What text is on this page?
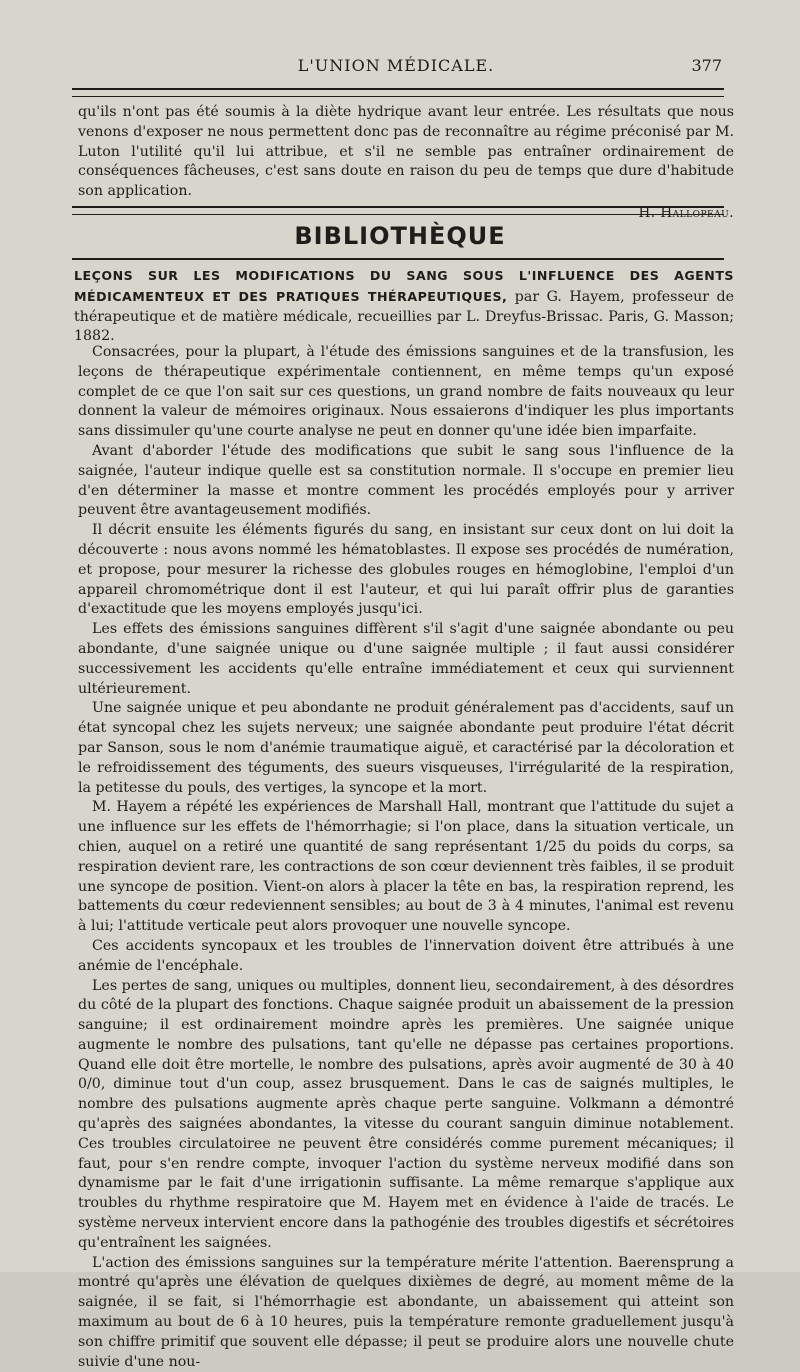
L'UNION MÉDICALE.	377

qu'ils n'ont pas été soumis à la diète hydrique avant leur entrée. Les résultats que nous venons d'exposer ne nous permettent donc pas de reconnaître au régime préconisé par M. Luton l'utilité qu'il lui attribue, et s'il ne semble pas entraîner ordinairement de conséquences fâcheuses, c'est sans doute en raison du peu de temps que dure d'habitude son application.

H. Hallopeau.
BIBLIOTHÈQUE
LEÇONS SUR LES MODIFICATIONS DU SANG SOUS L'INFLUENCE DES AGENTS MÉDICAMENTEUX ET DES PRATIQUES THÉRAPEUTIQUES, par G. Hayem, professeur de thérapeutique et de matière médicale, recueillies par L. Dreyfus-Brissac. Paris, G. Masson; 1882.

Consacrées, pour la plupart, à l'étude des émissions sanguines et de la transfusion, les leçons de thérapeutique expérimentale contiennent, en même temps qu'un exposé complet de ce que l'on sait sur ces questions, un grand nombre de faits nouveaux qu leur donnent la valeur de mémoires originaux. Nous essaierons d'indiquer les plus importants sans dissimuler qu'une courte analyse ne peut en donner qu'une idée bien imparfaite.

Avant d'aborder l'étude des modifications que subit le sang sous l'influence de la saignée, l'auteur indique quelle est sa constitution normale. Il s'occupe en premier lieu d'en déterminer la masse et montre comment les procédés employés pour y arriver peuvent être avantageusement modifiés.

Il décrit ensuite les éléments figurés du sang, en insistant sur ceux dont on lui doit la découverte : nous avons nommé les hématoblastes. Il expose ses procédés de numération, et propose, pour mesurer la richesse des globules rouges en hémoglobine, l'emploi d'un appareil chromométrique dont il est l'auteur, et qui lui paraît offrir plus de garanties d'exactitude que les moyens employés jusqu'ici.

Les effets des émissions sanguines diffèrent s'il s'agit d'une saignée abondante ou peu abondante, d'une saignée unique ou d'une saignée multiple ; il faut aussi considérer successivement les accidents qu'elle entraîne immédiatement et ceux qui surviennent ultérieurement.

Une saignée unique et peu abondante ne produit généralement pas d'accidents, sauf un état syncopal chez les sujets nerveux; une saignée abondante peut produire l'état décrit par Sanson, sous le nom d'anémie traumatique aiguë, et caractérisé par la décoloration et le refroidissement des téguments, des sueurs visqueuses, l'irrégularité de la respiration, la petitesse du pouls, des vertiges, la syncope et la mort.

M. Hayem a répété les expériences de Marshall Hall, montrant que l'attitude du sujet a une influence sur les effets de l'hémorrhagie; si l'on place, dans la situation verticale, un chien, auquel on a retiré une quantité de sang représentant 1/25 du poids du corps, sa respiration devient rare, les contractions de son cœur deviennent très faibles, il se produit une syncope de position. Vient-on alors à placer la tête en bas, la respiration reprend, les battements du cœur redeviennent sensibles; au bout de 3 à 4 minutes, l'animal est revenu à lui; l'attitude verticale peut alors provoquer une nouvelle syncope.

Ces accidents syncopaux et les troubles de l'innervation doivent être attribués à une anémie de l'encéphale.

Les pertes de sang, uniques ou multiples, donnent lieu, secondairement, à des désordres du côté de la plupart des fonctions. Chaque saignée produit un abaissement de la pression sanguine; il est ordinairement moindre après les premières. Une saignée unique augmente le nombre des pulsations, tant qu'elle ne dépasse pas certaines proportions. Quand elle doit être mortelle, le nombre des pulsations, après avoir augmenté de 30 à 40 0/0, diminue tout d'un coup, assez brusquement. Dans le cas de saignés multiples, le nombre des pulsations augmente après chaque perte sanguine. Volkmann a démontré qu'après des saignées abondantes, la vitesse du courant sanguin diminue notablement. Ces troubles circulatoiree ne peuvent être considérés comme purement mécaniques; il faut, pour s'en rendre compte, invoquer l'action du système nerveux modifié dans son dynamisme par le fait d'une irrigationin suffisante. La même remarque s'applique aux troubles du rhythme respiratoire que M. Hayem met en évidence à l'aide de tracés. Le système nerveux intervient encore dans la pathogénie des troubles digestifs et sécrétoires qu'entraînent les saignées.

L'action des émissions sanguines sur la température mérite l'attention. Baerensprung a montré qu'après une élévation de quelques dixièmes de degré, au moment même de la saignée, il se fait, si l'hémorrhagie est abondante, un abaissement qui atteint son maximum au bout de 6 à 10 heures, puis la température remonte graduellement jusqu'à son chiffre primitif que souvent elle dépasse; il peut se produire alors une nouvelle chute suivie d'une nou-
